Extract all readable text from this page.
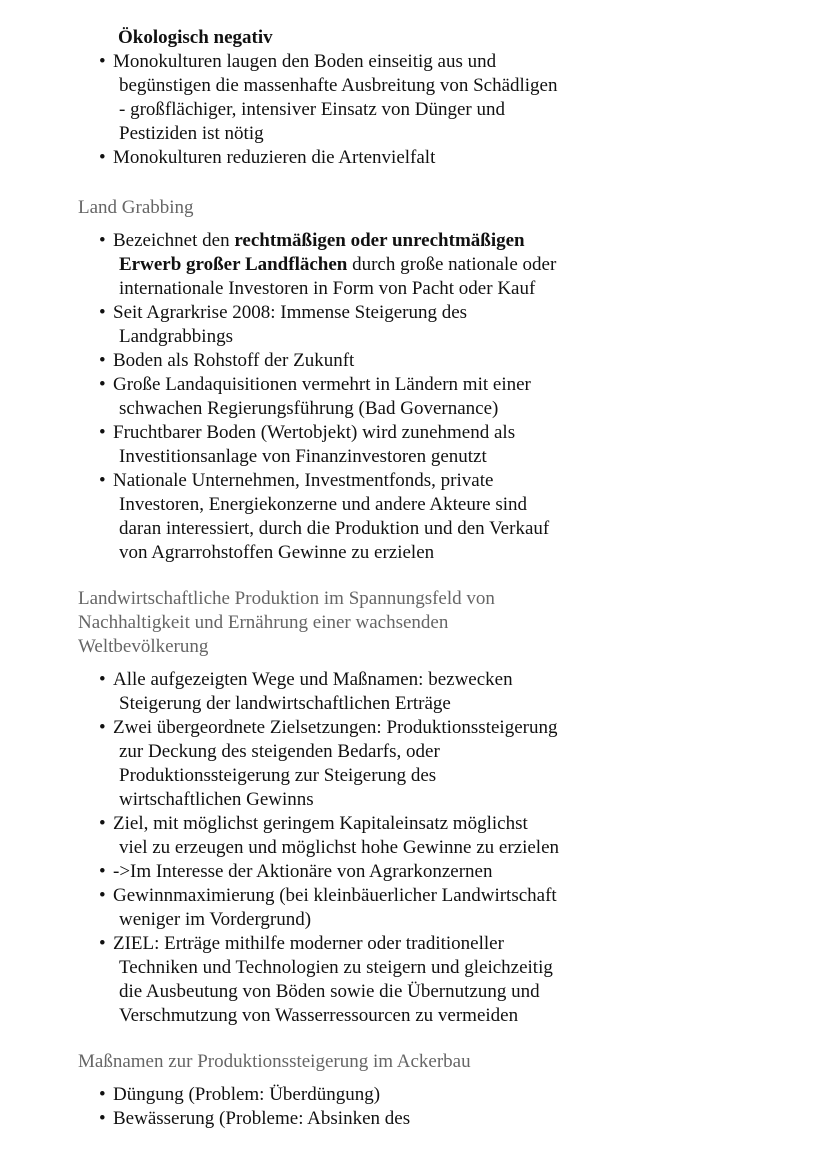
Ökologisch negativ
• Monokulturen laugen den Boden einseitig aus und
begünstigen die massenhafte Ausbreitung von Schädligen
- großflächiger, intensiver Einsatz von Dünger und
Pestiziden ist nötig
• Monokulturen reduzieren die Artenvielfalt
Land Grabbing
• Bezeichnet den rechtmäßigen oder unrechtmäßigen
Erwerb großer Landflächen durch große nationale oder
internationale Investoren in Form von Pacht oder Kauf
• Seit Agrarkrise 2008: Immense Steigerung des
Landgrabbings
• Boden als Rohstoff der Zukunft
• Große Landaquisitionen vermehrt in Ländern mit einer
schwachen Regierungsführung (Bad Governance)
• Fruchtbarer Boden (Wertobjekt) wird zunehmend als
Investitionsanlage von Finanzinvestoren genutzt
• Nationale Unternehmen, Investmentfonds, private
Investoren, Energiekonzerne und andere Akteure sind
daran interessiert, durch die Produktion und den Verkauf
von Agrarrohstoffen Gewinne zu erzielen
Landwirtschaftliche Produktion im Spannungsfeld von
Nachhaltigkeit und Ernährung einer wachsenden
Weltbevölkerung
• Alle aufgezeigten Wege und Maßnamen: bezwecken
Steigerung der landwirtschaftlichen Erträge
• Zwei übergeordnete Zielsetzungen: Produktionssteigerung
zur Deckung des steigenden Bedarfs, oder
Produktionssteigerung zur Steigerung des
wirtschaftlichen Gewinns
• Ziel, mit möglichst geringem Kapitaleinsatz möglichst
viel zu erzeugen und möglichst hohe Gewinne zu erzielen
• ->Im Interesse der Aktionäre von Agrarkonzernen
• Gewinnmaximierung (bei kleinbäuerlicher Landwirtschaft
weniger im Vordergrund)
• ZIEL: Erträge mithilfe moderner oder traditioneller
Techniken und Technologien zu steigern und gleichzeitig
die Ausbeutung von Böden sowie die Übernutzung und
Verschmutzung von Wasserressourcen zu vermeiden
Maßnamen zur Produktionssteigerung im Ackerbau
• Düngung (Problem: Überdüngung)
• Bewässerung (Probleme: Absinken des
